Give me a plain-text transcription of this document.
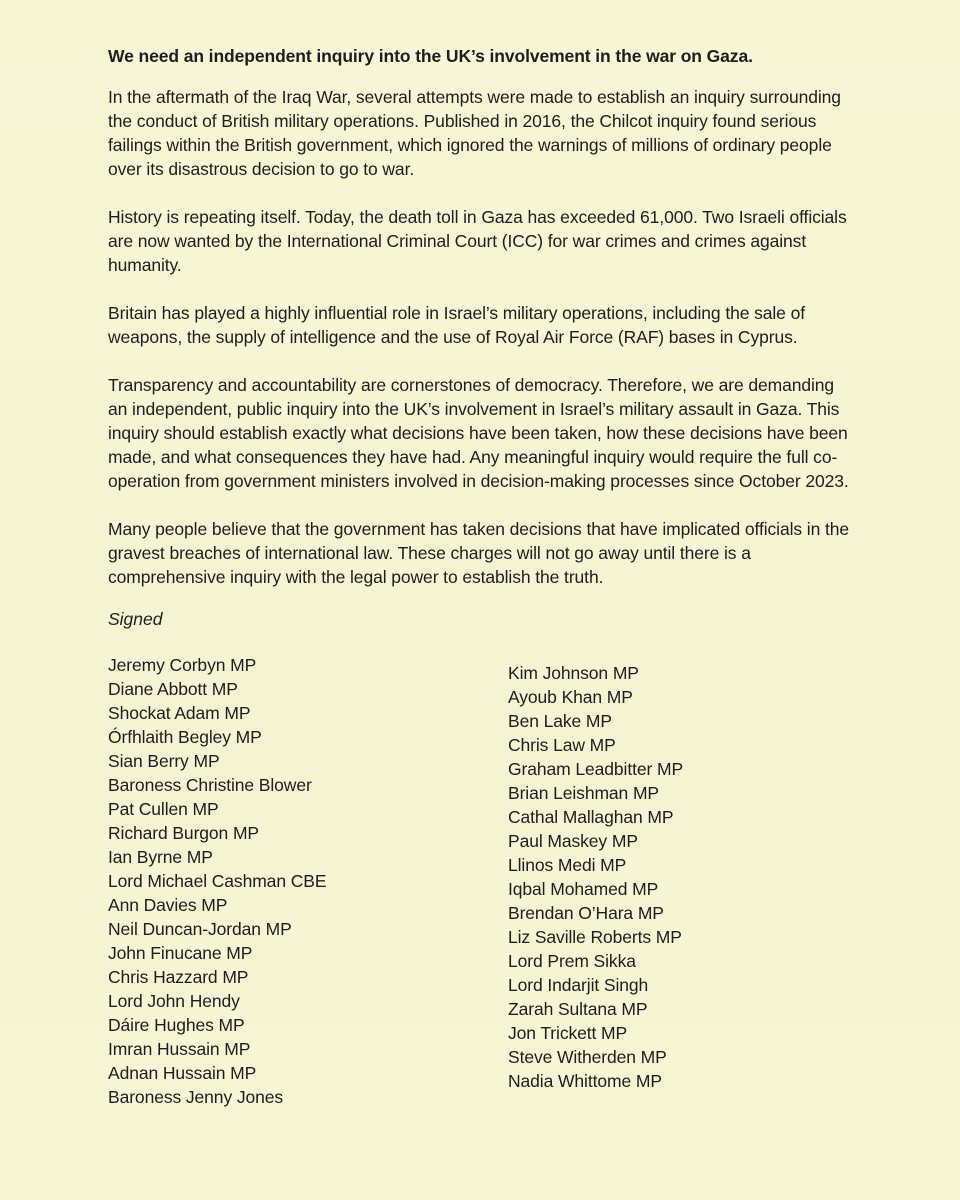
We need an independent inquiry into the UK’s involvement in the war on Gaza.

In the aftermath of the Iraq War, several attempts were made to establish an inquiry surrounding the conduct of British military operations. Published in 2016, the Chilcot inquiry found serious failings within the British government, which ignored the warnings of millions of ordinary people over its disastrous decision to go to war.

History is repeating itself. Today, the death toll in Gaza has exceeded 61,000. Two Israeli officials are now wanted by the International Criminal Court (ICC) for war crimes and crimes against humanity.

Britain has played a highly influential role in Israel’s military operations, including the sale of weapons, the supply of intelligence and the use of Royal Air Force (RAF) bases in Cyprus.

Transparency and accountability are cornerstones of democracy. Therefore, we are demanding an independent, public inquiry into the UK’s involvement in Israel’s military assault in Gaza. This inquiry should establish exactly what decisions have been taken, how these decisions have been made, and what consequences they have had. Any meaningful inquiry would require the full co-operation from government ministers involved in decision-making processes since October 2023.

Many people believe that the government has taken decisions that have implicated officials in the gravest breaches of international law. These charges will not go away until there is a comprehensive inquiry with the legal power to establish the truth.

Signed

Jeremy Corbyn MP
Diane Abbott MP
Shockat Adam MP
Órfhlaith Begley MP
Sian Berry MP
Baroness Christine Blower
Pat Cullen MP
Richard Burgon MP
Ian Byrne MP
Lord Michael Cashman CBE
Ann Davies MP
Neil Duncan-Jordan MP
John Finucane MP
Chris Hazzard MP
Lord John Hendy
Dáire Hughes MP
Imran Hussain MP
Adnan Hussain MP
Baroness Jenny Jones
Kim Johnson MP
Ayoub Khan MP
Ben Lake MP
Chris Law MP
Graham Leadbitter MP
Brian Leishman MP
Cathal Mallaghan MP
Paul Maskey MP
Llinos Medi MP
Iqbal Mohamed MP
Brendan O’Hara MP
Liz Saville Roberts MP
Lord Prem Sikka
Lord Indarjit Singh
Zarah Sultana MP
Jon Trickett MP
Steve Witherden MP
Nadia Whittome MP
